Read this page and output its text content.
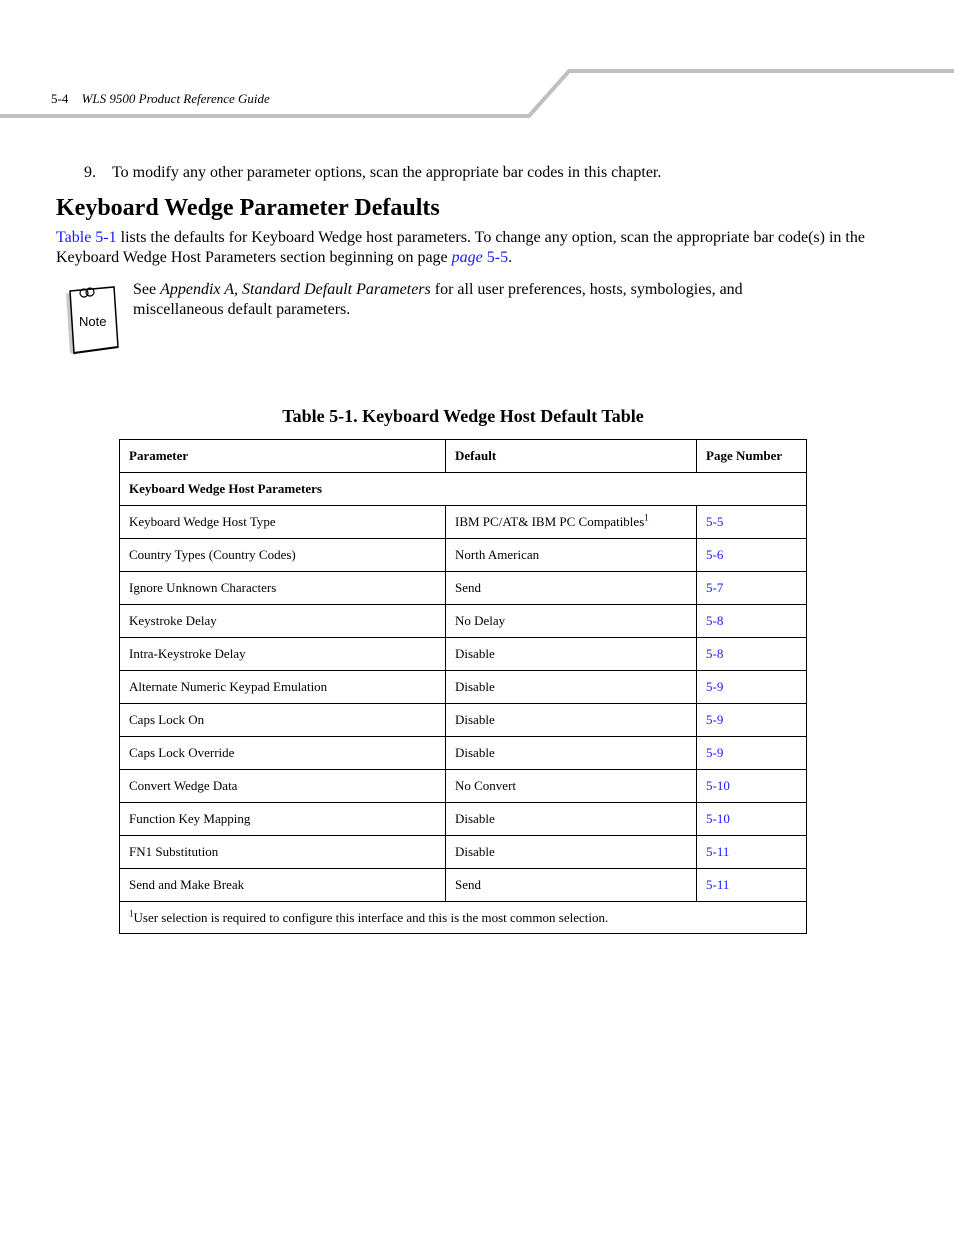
5-4 WLS 9500 Product Reference Guide
9. To modify any other parameter options, scan the appropriate bar codes in this chapter.
Keyboard Wedge Parameter Defaults
Table 5-1 lists the defaults for Keyboard Wedge host parameters. To change any option, scan the appropriate bar code(s) in the Keyboard Wedge Host Parameters section beginning on page page 5-5.
Note
See Appendix A, Standard Default Parameters for all user preferences, hosts, symbologies, and miscellaneous default parameters.
Table 5-1. Keyboard Wedge Host Default Table
Parameter	Default	Page Number
Keyboard Wedge Host Parameters		
Keyboard Wedge Host Type	IBM PC/AT& IBM PC Compatibles$^1$	5-5
Country Types (Country Codes)	North American	5-6
Ignore Unknown Characters	Send	5-7
Keystroke Delay	No Delay	5-8
Intra-Keystroke Delay	Disable	5-8
Alternate Numeric Keypad Emulation	Disable	5-9
Caps Lock On	Disable	5-9
Caps Lock Override	Disable	5-9
Convert Wedge Data	No Convert	5-10
Function Key Mapping	Disable	5-10
FN1 Substitution	Disable	5-11
Send and Make Break	Send	5-11
$^1$User selection is required to configure this interface and this is the most common selection.		
